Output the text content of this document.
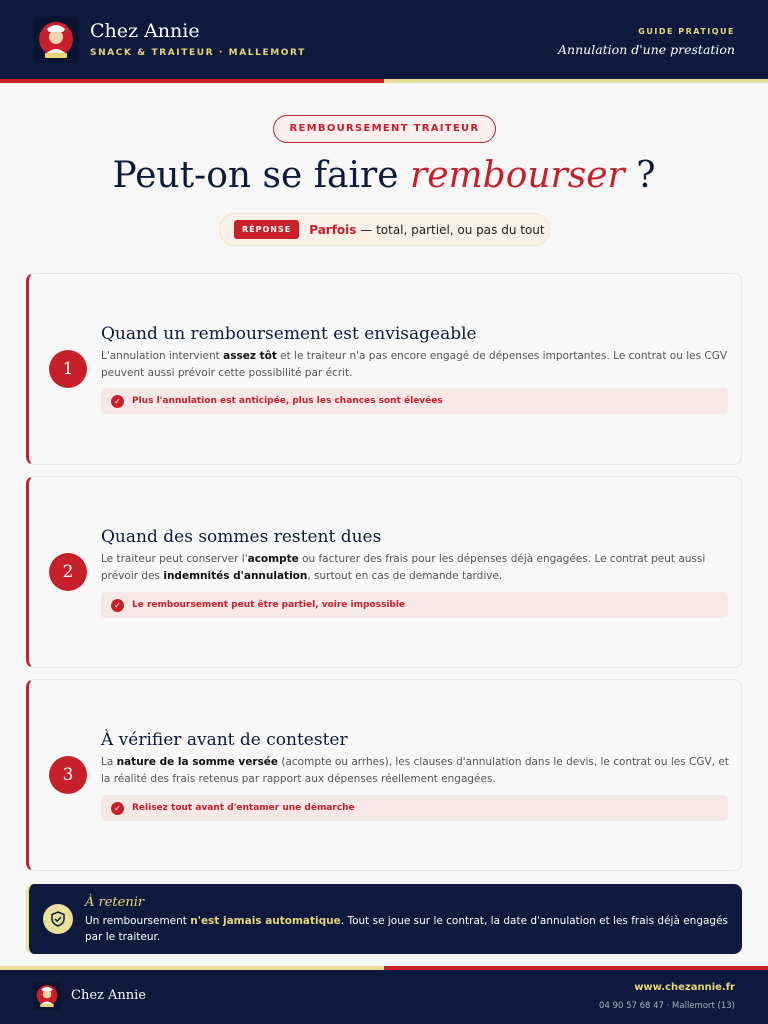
Chez Annie
SNACK & TRAITEUR · MALLEMORT
GUIDE PRATIQUE
Annulation d'une prestation
REMBOURSEMENT TRAITEUR
Peut-on se faire rembourser ?
RÉPONSE	Parfois — total, partiel, ou pas du tout
1
Quand un remboursement est envisageable
L'annulation intervient assez tôt et le traiteur n'a pas encore engagé de dépenses importantes. Le contrat ou les CGV peuvent aussi prévoir cette possibilité par écrit.
✓	Plus l'annulation est anticipée, plus les chances sont élevées
2
Quand des sommes restent dues
Le traiteur peut conserver l'acompte ou facturer des frais pour les dépenses déjà engagées. Le contrat peut aussi prévoir des indemnités d'annulation, surtout en cas de demande tardive.
✓	Le remboursement peut être partiel, voire impossible
3
À vérifier avant de contester
La nature de la somme versée (acompte ou arrhes), les clauses d'annulation dans le devis, le contrat ou les CGV, et la réalité des frais retenus par rapport aux dépenses réellement engagées.
✓	Relisez tout avant d'entamer une démarche
À retenir
Un remboursement n'est jamais automatique. Tout se joue sur le contrat, la date d'annulation et les frais déjà engagés par le traiteur.
Chez Annie
www.chezannie.fr
04 90 57 68 47 · Mallemort (13)
